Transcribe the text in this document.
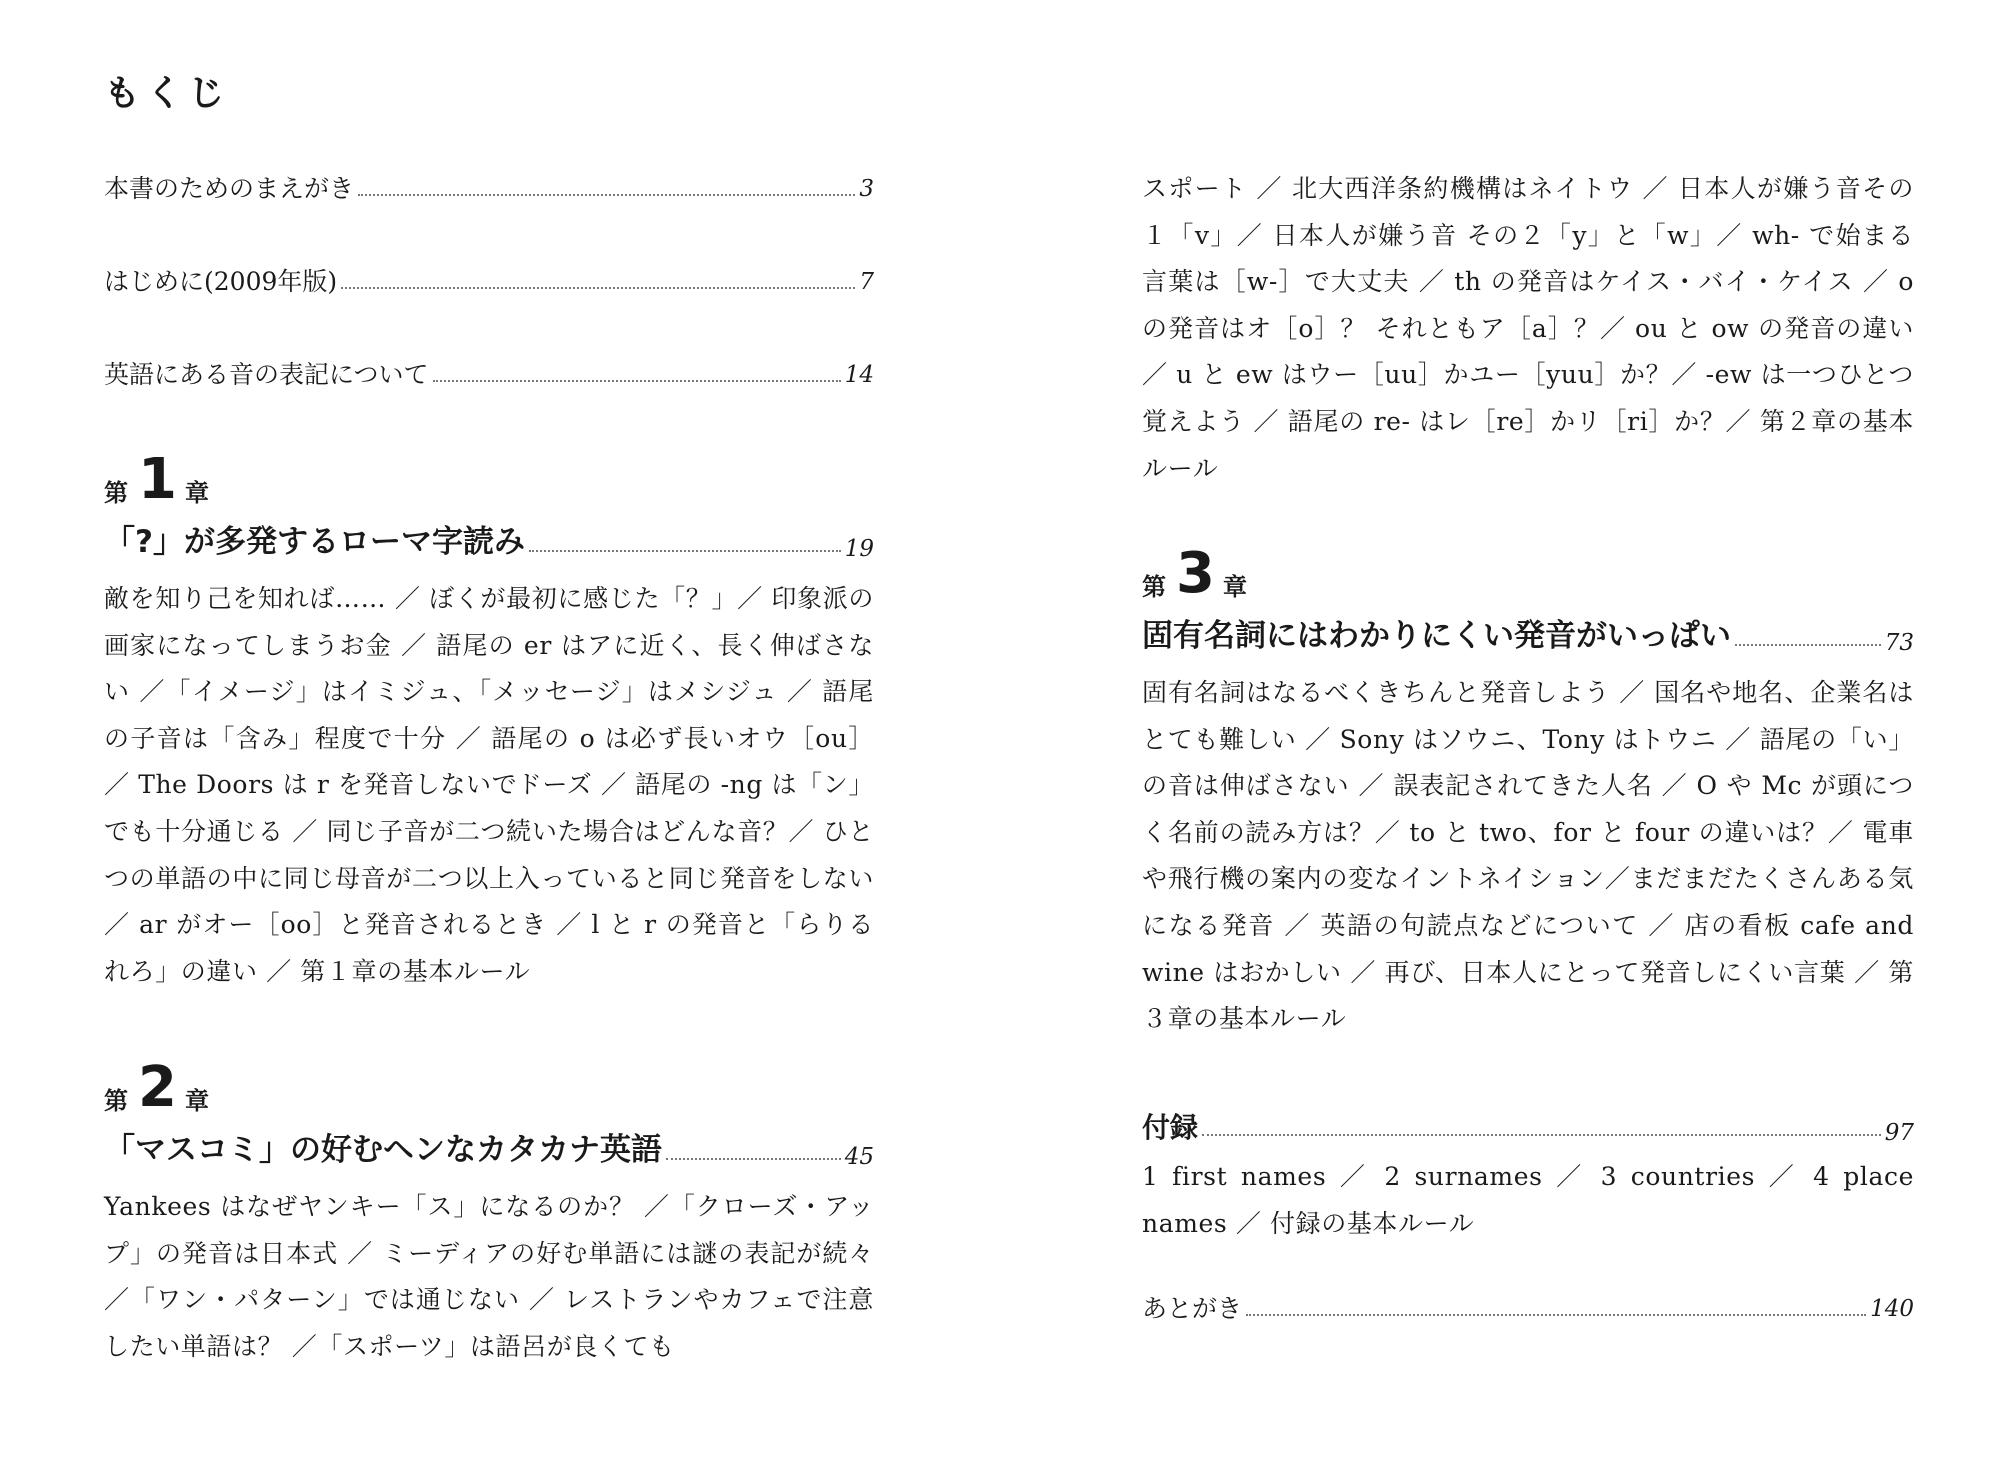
もくじ
本書のためのまえがき	3
はじめに(2009年版)	7
英語にある音の表記について	14
第 1 章
「?」が多発するローマ字読み	19

敵を知り己を知れば…… ／ ぼくが最初に感じた「？」／ 印象派の画家になってしまうお金 ／ 語尾の er はアに近く、長く伸ばさない ／「イメージ」はイミジュ、「メッセージ」はメシジュ ／ 語尾の子音は「含み」程度で十分 ／ 語尾の o は必ず長いオウ［ou］／ The Doors は r を発音しないでドーズ ／ 語尾の -ng は「ン」でも十分通じる ／ 同じ子音が二つ続いた場合はどんな音？／ ひとつの単語の中に同じ母音が二つ以上入っていると同じ発音をしない ／ ar がオー［oo］と発音されるとき ／ l と r の発音と「らりるれろ」の違い ／ 第１章の基本ルール

第 2 章
「マスコミ」の好むヘンなカタカナ英語	45

Yankees はなぜヤンキー「ス」になるのか？ ／「クローズ・アップ」の発音は日本式 ／ ミーディアの好む単語には謎の表記が続々 ／「ワン・パターン」では通じない ／ レストランやカフェで注意したい単語は？ ／「スポーツ」は語呂が良くても

スポート ／ 北大西洋条約機構はネイトウ ／ 日本人が嫌う音その１「v」／ 日本人が嫌う音 その２「y」と「w」／ wh- で始まる言葉は［w-］で大丈夫 ／ th の発音はケイス・バイ・ケイス ／ o の発音はオ［o］？ それともア［a］？／ ou と ow の発音の違い ／ u と ew はウー［uu］かユー［yuu］か？／ -ew は一つひとつ覚えよう ／ 語尾の re- はレ［re］かリ［ri］か？／ 第２章の基本ルール

第 3 章
固有名詞にはわかりにくい発音がいっぱい	73

固有名詞はなるべくきちんと発音しよう ／ 国名や地名、企業名はとても難しい ／ Sony はソウニ、Tony はトウニ ／ 語尾の「い」の音は伸ばさない ／ 誤表記されてきた人名 ／ O や Mc が頭につく名前の読み方は？／ to と two、for と four の違いは？／ 電車や飛行機の案内の変なイントネイション／まだまだたくさんある気になる発音 ／ 英語の句読点などについて ／ 店の看板 cafe and wine はおかしい ／ 再び、日本人にとって発音しにくい言葉 ／ 第３章の基本ルール

付録	97

1 first names ／ 2 surnames ／ 3 countries ／ 4 place names ／ 付録の基本ルール

あとがき	140
